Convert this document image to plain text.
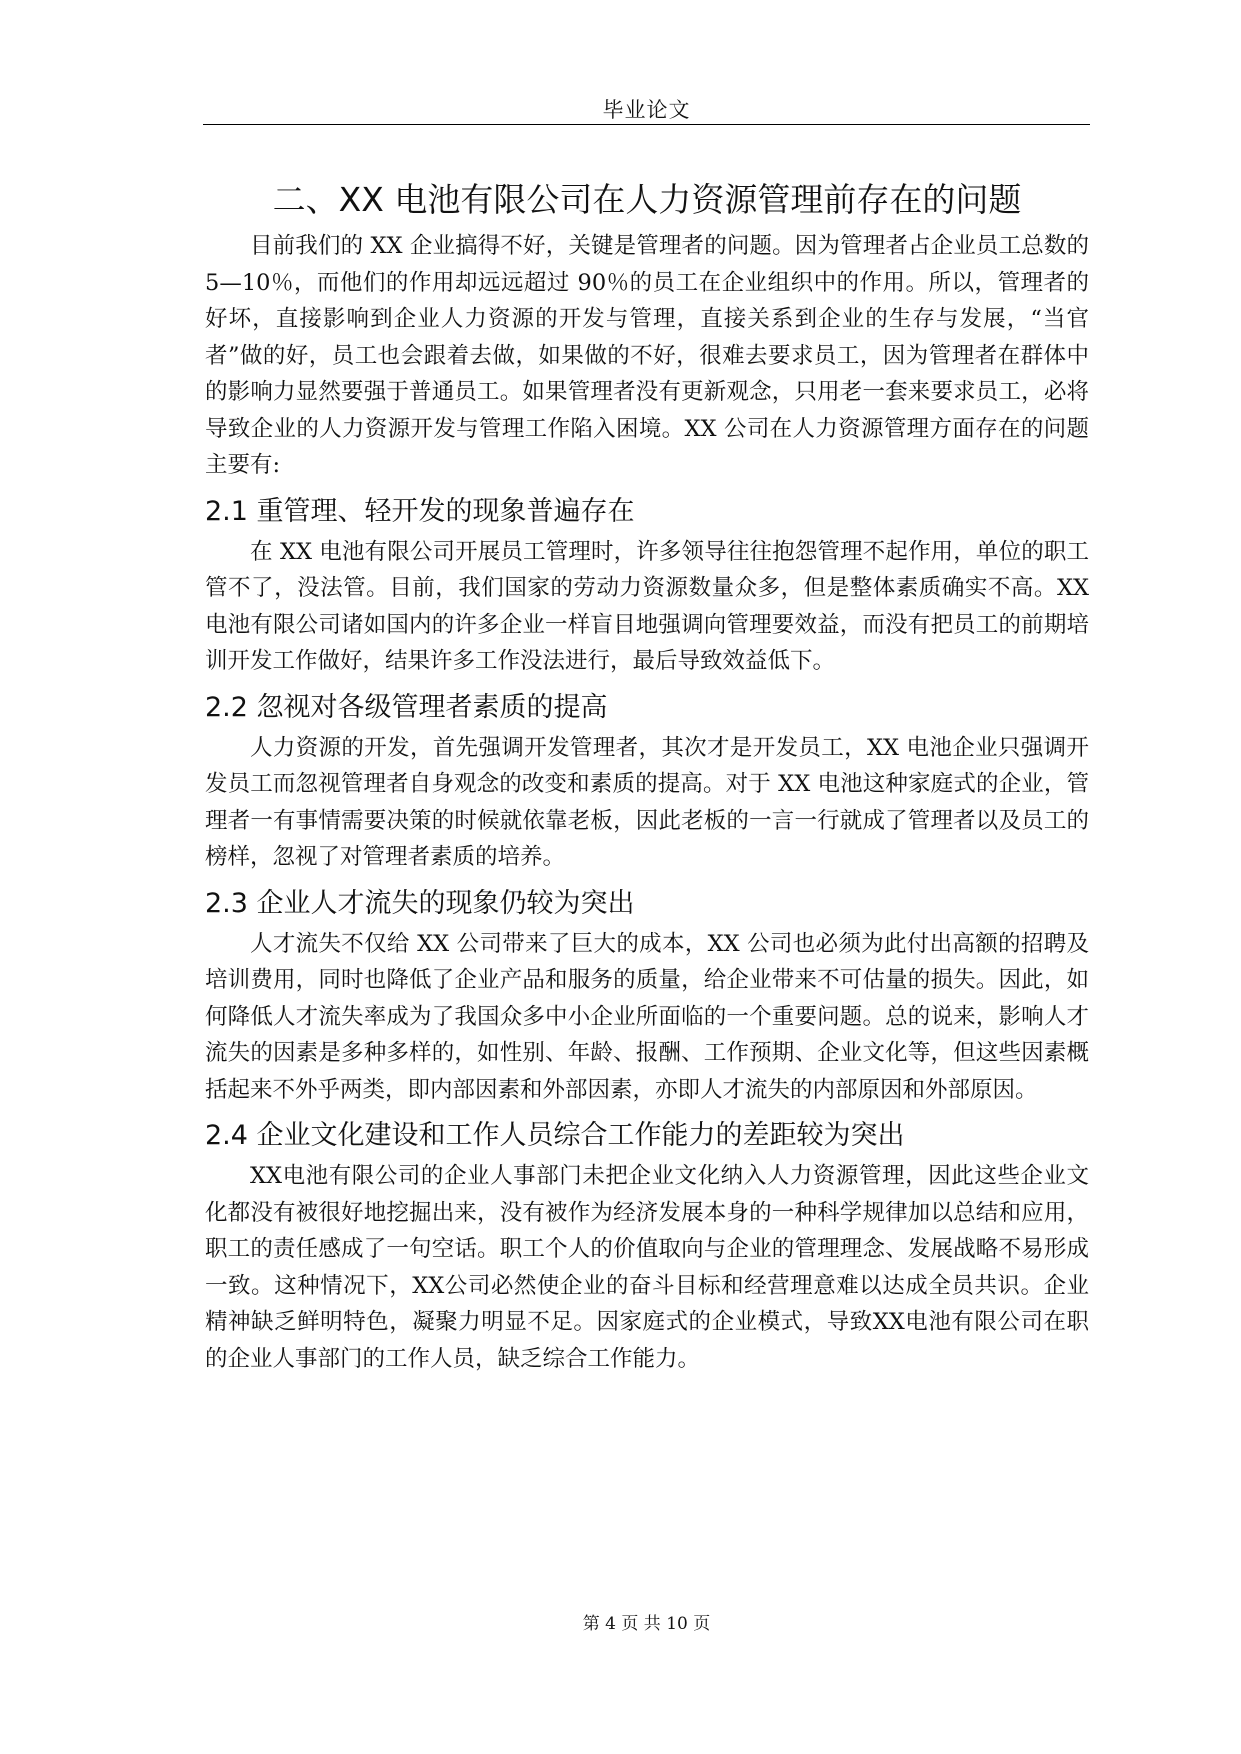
毕业论文
二、XX 电池有限公司在人力资源管理前存在的问题

目前我们的 XX 企业搞得不好，关键是管理者的问题。因为管理者占企业员工总数的 5—10％，而他们的作用却远远超过 90％的员工在企业组织中的作用。所以，管理者的好坏，直接影响到企业人力资源的开发与管理，直接关系到企业的生存与发展，“当官者”做的好，员工也会跟着去做，如果做的不好，很难去要求员工，因为管理者在群体中的影响力显然要强于普通员工。如果管理者没有更新观念，只用老一套来要求员工，必将导致企业的人力资源开发与管理工作陷入困境。XX 公司在人力资源管理方面存在的问题主要有:

2.1 重管理、轻开发的现象普遍存在

在 XX 电池有限公司开展员工管理时，许多领导往往抱怨管理不起作用，单位的职工管不了，没法管。目前，我们国家的劳动力资源数量众多，但是整体素质确实不高。XX 电池有限公司诸如国内的许多企业一样盲目地强调向管理要效益，而没有把员工的前期培训开发工作做好，结果许多工作没法进行，最后导致效益低下。

2.2 忽视对各级管理者素质的提高

人力资源的开发，首先强调开发管理者，其次才是开发员工，XX 电池企业只强调开发员工而忽视管理者自身观念的改变和素质的提高。对于 XX 电池这种家庭式的企业，管理者一有事情需要决策的时候就依靠老板，因此老板的一言一行就成了管理者以及员工的榜样，忽视了对管理者素质的培养。

2.3 企业人才流失的现象仍较为突出

人才流失不仅给 XX 公司带来了巨大的成本，XX 公司也必须为此付出高额的招聘及培训费用，同时也降低了企业产品和服务的质量，给企业带来不可估量的损失。因此，如何降低人才流失率成为了我国众多中小企业所面临的一个重要问题。总的说来，影响人才流失的因素是多种多样的，如性别、年龄、报酬、工作预期、企业文化等，但这些因素概括起来不外乎两类，即内部因素和外部因素，亦即人才流失的内部原因和外部原因。

2.4 企业文化建设和工作人员综合工作能力的差距较为突出

XX电池有限公司的企业人事部门未把企业文化纳入人力资源管理，因此这些企业文化都没有被很好地挖掘出来，没有被作为经济发展本身的一种科学规律加以总结和应用，职工的责任感成了一句空话。职工个人的价值取向与企业的管理理念、发展战略不易形成一致。这种情况下，XX公司必然使企业的奋斗目标和经营理意难以达成全员共识。企业精神缺乏鲜明特色，凝聚力明显不足。因家庭式的企业模式，导致XX电池有限公司在职的企业人事部门的工作人员，缺乏综合工作能力。

第 4 页 共 10 页
